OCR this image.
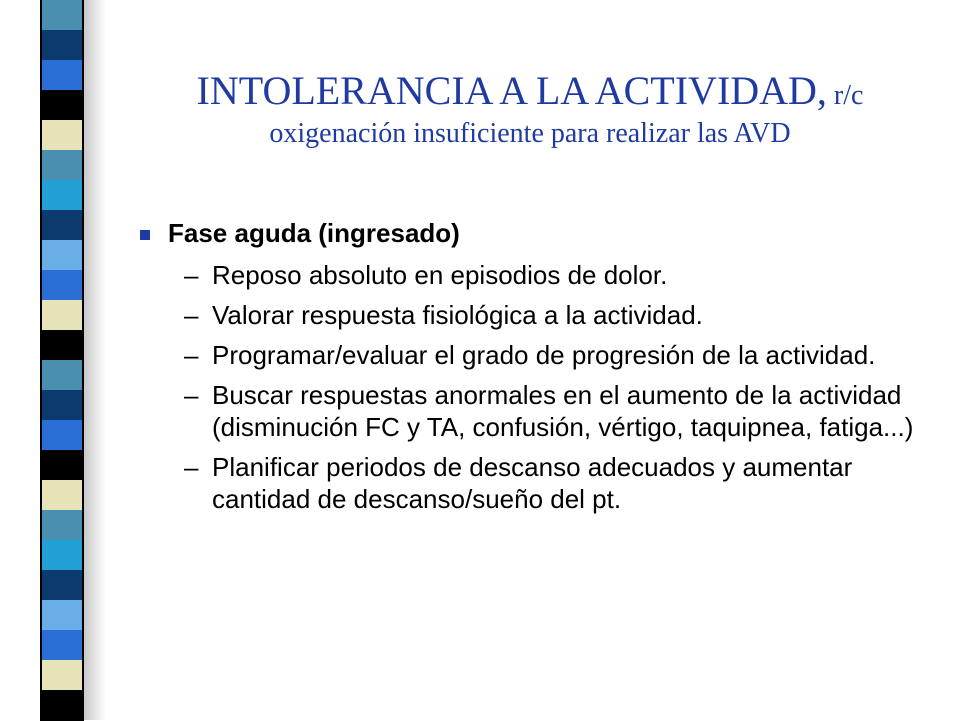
INTOLERANCIA A LA ACTIVIDAD, r/c
oxigenación insuficiente para realizar las AVD
Fase aguda (ingresado)
– Reposo absoluto en episodios de dolor.
– Valorar respuesta fisiológica a la actividad.
– Programar/evaluar el grado de progresión de la actividad.
– Buscar respuestas anormales en el aumento de la actividad (disminución FC y TA, confusión, vértigo, taquipnea, fatiga...)
– Planificar periodos de descanso adecuados y aumentar cantidad de descanso/sueño del pt.
